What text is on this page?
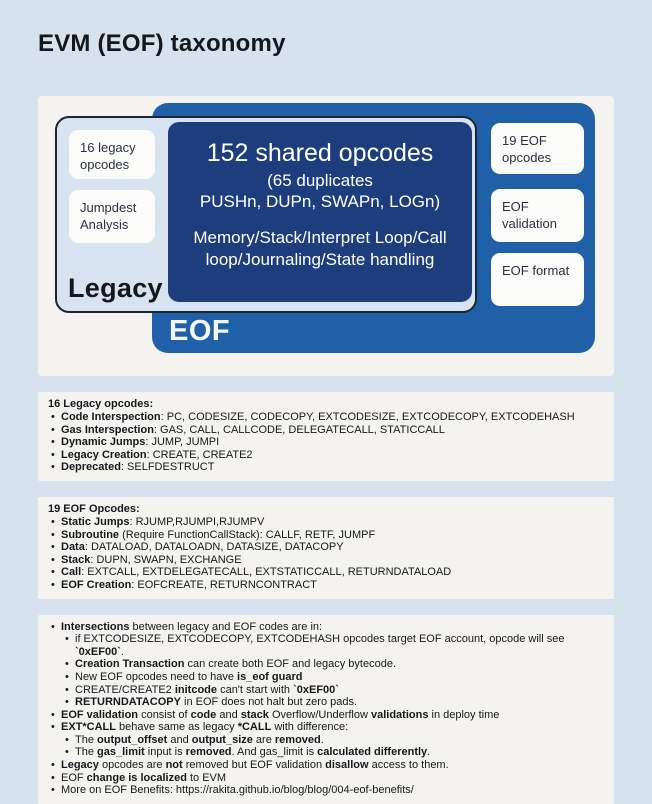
EVM (EOF) taxonomy
19 EOF opcodes
EOF validation
EOF format
EOF
16 legacy opcodes
Jumpdest Analysis
152 shared opcodes
(65 duplicates
PUSHn, DUPn, SWAPn, LOGn)
Memory/Stack/Interpret Loop/Call
loop/Journaling/State handling
Legacy
16 Legacy opcodes:
• Code Interspection: PC, CODESIZE, CODECOPY, EXTCODESIZE, EXTCODECOPY, EXTCODEHASH
• Gas Interspection: GAS, CALL, CALLCODE, DELEGATECALL, STATICCALL
• Dynamic Jumps: JUMP, JUMPI
• Legacy Creation: CREATE, CREATE2
• Deprecated: SELFDESTRUCT
19 EOF Opcodes:
• Static Jumps: RJUMP,RJUMPI,RJUMPV
• Subroutine (Require FunctionCallStack): CALLF, RETF, JUMPF
• Data: DATALOAD, DATALOADN, DATASIZE, DATACOPY
• Stack: DUPN, SWAPN, EXCHANGE
• Call: EXTCALL, EXTDELEGATECALL, EXTSTATICCALL, RETURNDATALOAD
• EOF Creation: EOFCREATE, RETURNCONTRACT
• Intersections between legacy and EOF codes are in:
• if EXTCODESIZE, EXTCODECOPY, EXTCODEHASH opcodes target EOF account, opcode will see `0xEF00`.
• Creation Transaction can create both EOF and legacy bytecode.
• New EOF opcodes need to have is_eof guard
• CREATE/CREATE2 initcode can't start with `0xEF00`
• RETURNDATACOPY in EOF does not halt but zero pads.
• EOF validation consist of code and stack Overflow/Underflow validations in deploy time
• EXT*CALL behave same as legacy *CALL with difference:
• The output_offset and output_size are removed.
• The gas_limit input is removed. And gas_limit is calculated differently.
• Legacy opcodes are not removed but EOF validation disallow access to them.
• EOF change is localized to EVM
• More on EOF Benefits: https://rakita.github.io/blog/blog/004-eof-benefits/
